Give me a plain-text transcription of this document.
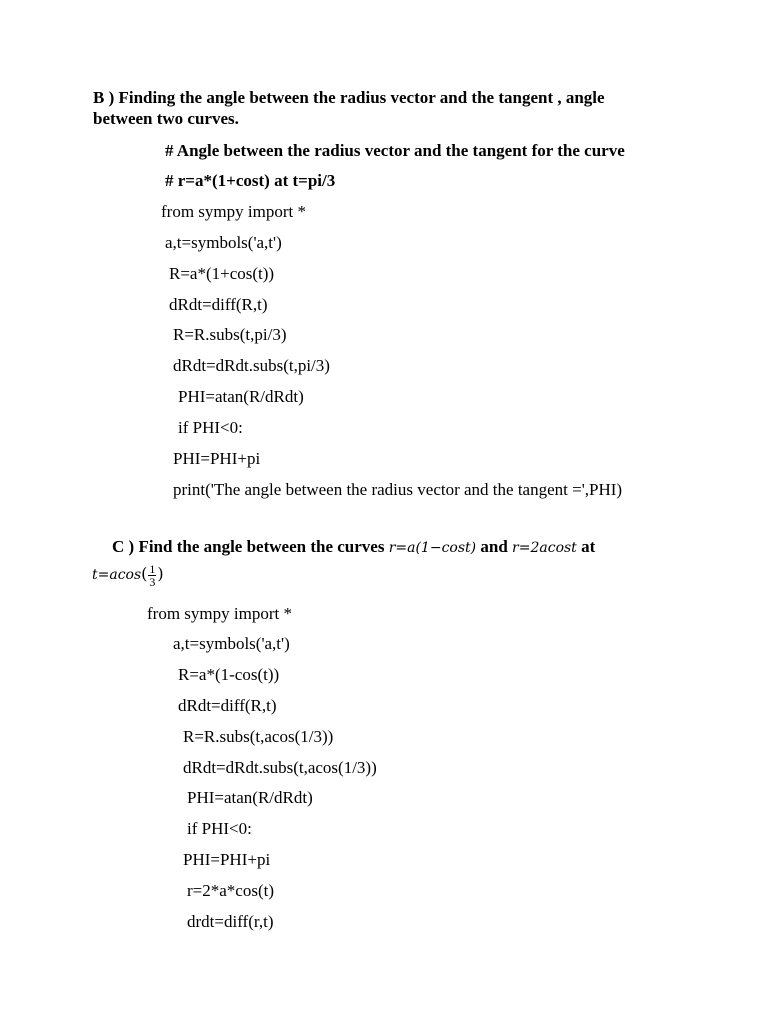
B ) Finding the angle between the radius vector and the tangent , angle
between two curves.
# Angle between the radius vector and the tangent for the curve
# r=a*(1+cost) at t=pi/3
from sympy import *
a,t=symbols('a,t')
R=a*(1+cos(t))
dRdt=diff(R,t)
R=R.subs(t,pi/3)
dRdt=dRdt.subs(t,pi/3)
PHI=atan(R/dRdt)
if PHI<0:
PHI=PHI+pi
print('The angle between the radius vector and the tangent =',PHI)
C ) Find the angle between the curves r=a(1−cost) and r=2acost at
$t=acos( \frac{1}{3}$ )
from sympy import *
a,t=symbols('a,t')
R=a*(1-cos(t))
dRdt=diff(R,t)
R=R.subs(t,acos(1/3))
dRdt=dRdt.subs(t,acos(1/3))
PHI=atan(R/dRdt)
if PHI<0:
PHI=PHI+pi
r=2*a*cos(t)
drdt=diff(r,t)
